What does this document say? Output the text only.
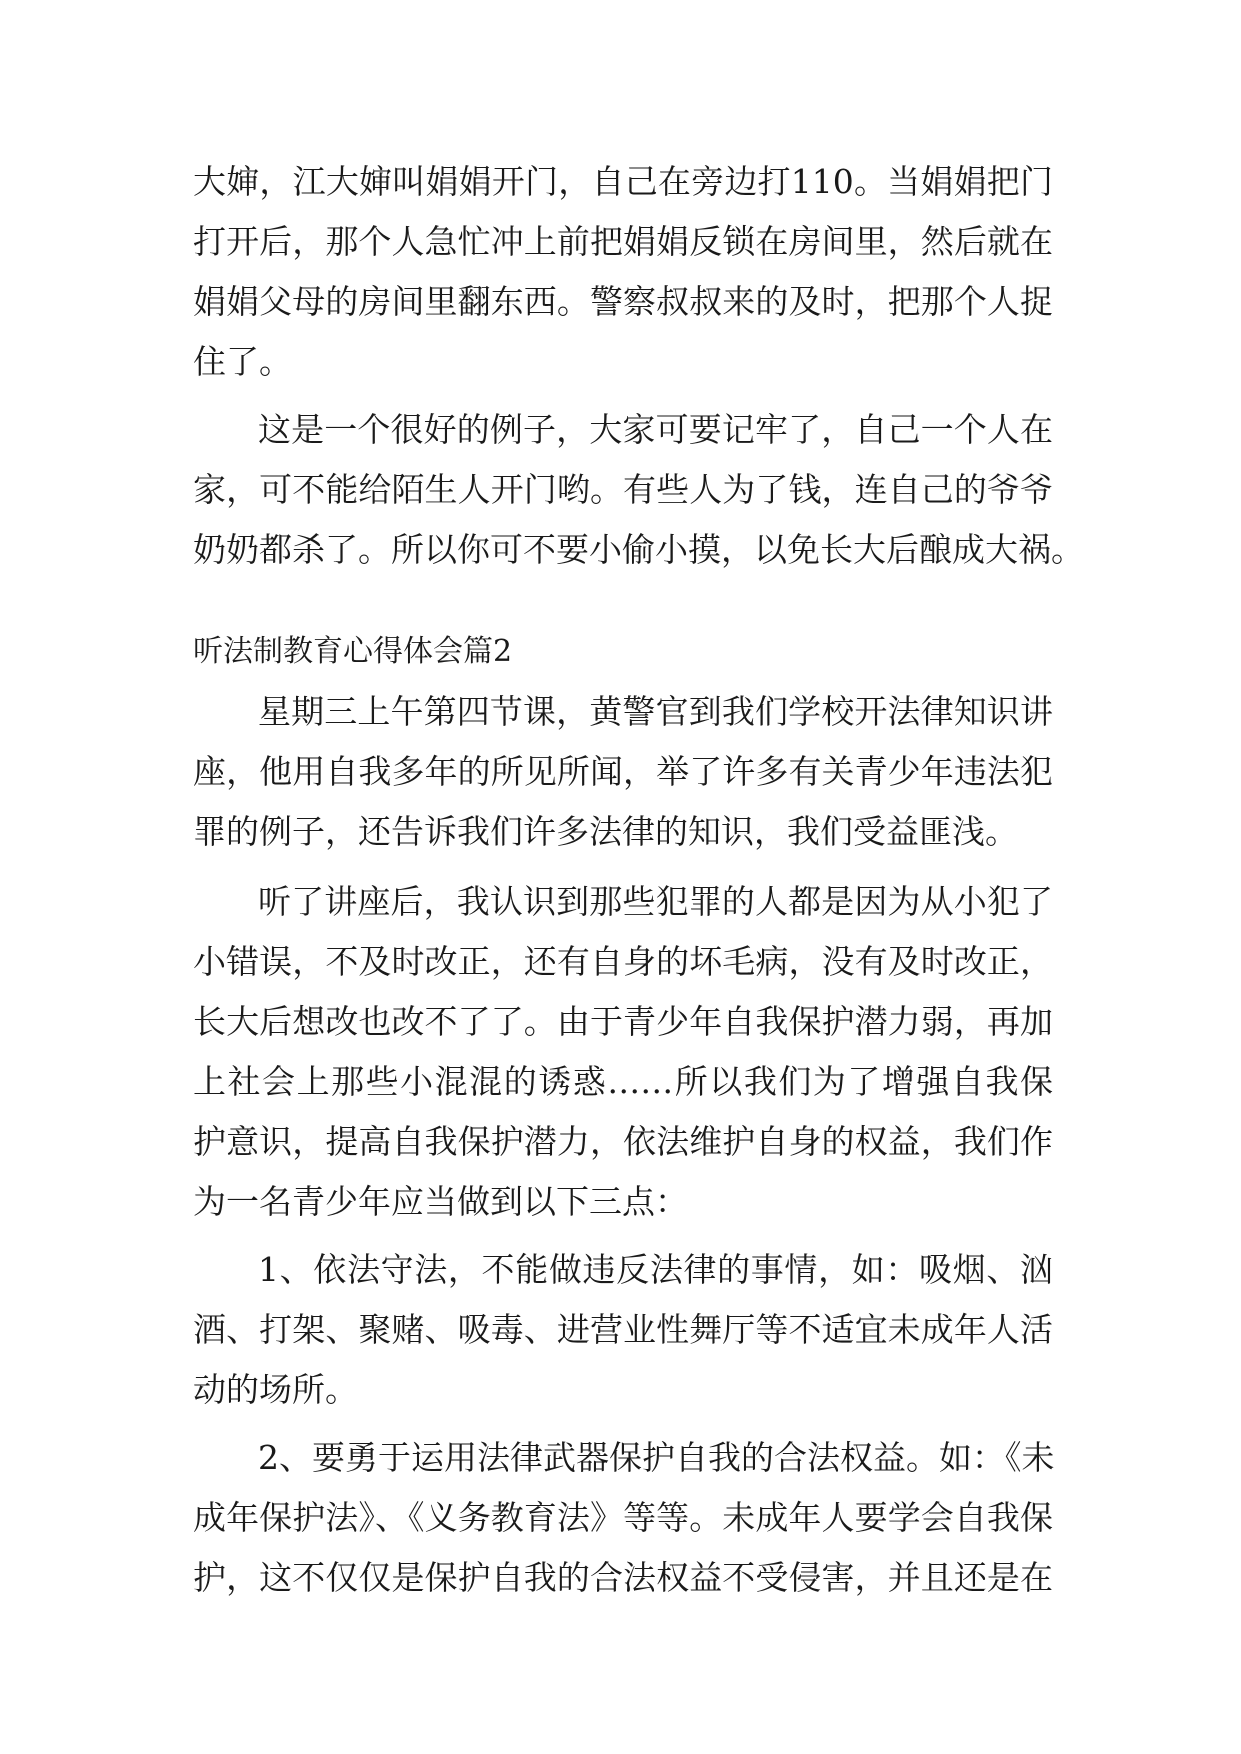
大婶，江大婶叫娟娟开门，自己在旁边打110。当娟娟把门
打开后，那个人急忙冲上前把娟娟反锁在房间里，然后就在
娟娟父母的房间里翻东西。警察叔叔来的及时，把那个人捉
住了。
这是一个很好的例子，大家可要记牢了，自己一个人在
家，可不能给陌生人开门哟。有些人为了钱，连自己的爷爷
奶奶都杀了。所以你可不要小偷小摸，以免长大后酿成大祸。
听法制教育心得体会篇2
星期三上午第四节课，黄警官到我们学校开法律知识讲
座，他用自我多年的所见所闻，举了许多有关青少年违法犯
罪的例子，还告诉我们许多法律的知识，我们受益匪浅。
听了讲座后，我认识到那些犯罪的人都是因为从小犯了
小错误，不及时改正，还有自身的坏毛病，没有及时改正，
长大后想改也改不了了。由于青少年自我保护潜力弱，再加
上社会上那些小混混的诱惑……所以我们为了增强自我保
护意识，提高自我保护潜力，依法维护自身的权益，我们作
为一名青少年应当做到以下三点：
1、依法守法，不能做违反法律的事情，如：吸烟、汹
酒、打架、聚赌、吸毒、进营业性舞厅等不适宜未成年人活
动的场所。
2、要勇于运用法律武器保护自我的合法权益。如：《未
成年保护法》、《义务教育法》等等。未成年人要学会自我保
护，这不仅仅是保护自我的合法权益不受侵害，并且还是在
